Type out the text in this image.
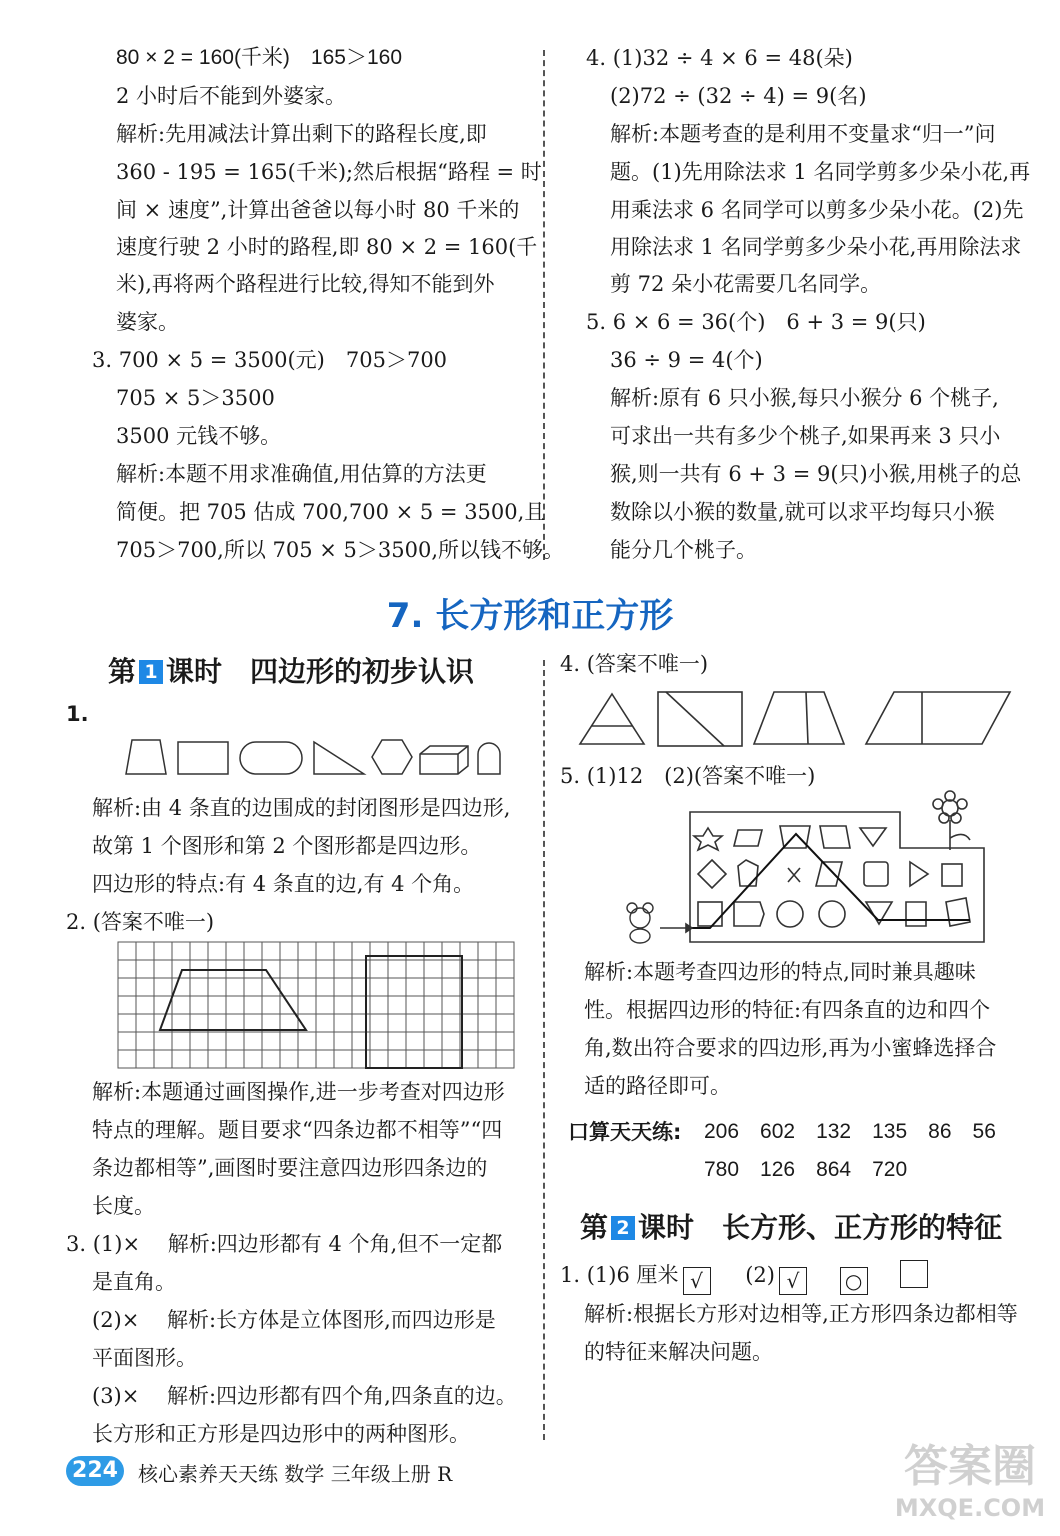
80 × 2 = 160(千米)　165＞160
2 小时后不能到外婆家。
解析:先用减法计算出剩下的路程长度,即
360 - 195 = 165(千米);然后根据“路程 = 时
间 × 速度”,计算出爸爸以每小时 80 千米的
速度行驶 2 小时的路程,即 80 × 2 = 160(千
米),再将两个路程进行比较,得知不能到外
婆家。
3. 700 × 5 = 3500(元)　705＞700
705 × 5＞3500
3500 元钱不够。
解析:本题不用求准确值,用估算的方法更
简便。把 705 估成 700,700 × 5 = 3500,且
705＞700,所以 705 × 5＞3500,所以钱不够。
4. (1)32 ÷ 4 × 6 = 48(朵)
(2)72 ÷ (32 ÷ 4) = 9(名)
解析:本题考查的是利用不变量求“归一”问
题。(1)先用除法求 1 名同学剪多少朵小花,再
用乘法求 6 名同学可以剪多少朵小花。(2)先
用除法求 1 名同学剪多少朵小花,再用除法求
剪 72 朵小花需要几名同学。
5. 6 × 6 = 36(个)　6 + 3 = 9(只)
36 ÷ 9 = 4(个)
解析:原有 6 只小猴,每只小猴分 6 个桃子,
可求出一共有多少个桃子,如果再来 3 只小
猴,则一共有 6 + 3 = 9(只)小猴,用桃子的总
数除以小猴的数量,就可以求平均每只小猴
能分几个桃子。
7. 长方形和正方形
第 1 课时　四边形的初步认识
1.
解析:由 4 条直的边围成的封闭图形是四边形,
故第 1 个图形和第 2 个图形都是四边形。
四边形的特点:有 4 条直的边,有 4 个角。
2. (答案不唯一)
解析:本题通过画图操作,进一步考查对四边形
特点的理解。题目要求“四条边都不相等”“四
条边都相等”,画图时要注意四边形四条边的
长度。
3. (1)×　 解析:四边形都有 4 个角,但不一定都
是直角。
(2)×　 解析:长方体是立体图形,而四边形是
平面图形。
(3)×　 解析:四边形都有四个角,四条直的边。
长方形和正方形是四边形中的两种图形。
4. (答案不唯一)
5. (1)12　(2)(答案不唯一)
解析:本题考查四边形的特点,同时兼具趣味
性。根据四边形的特征:有四条直的边和四个
角,数出符合要求的四边形,再为小蜜蜂选择合
适的路径即可。
口算天天练: 206　602　132　135　86　56
780　126　864　720
第 2 课时　长方形、正方形的特征
1. (1)6 厘米 √ (2) √ ○
解析:根据长方形对边相等,正方形四条边都相等
的特征来解决问题。
224	核心素养天天练 数学 三年级上册 R	答案圈
MXQE.COM
